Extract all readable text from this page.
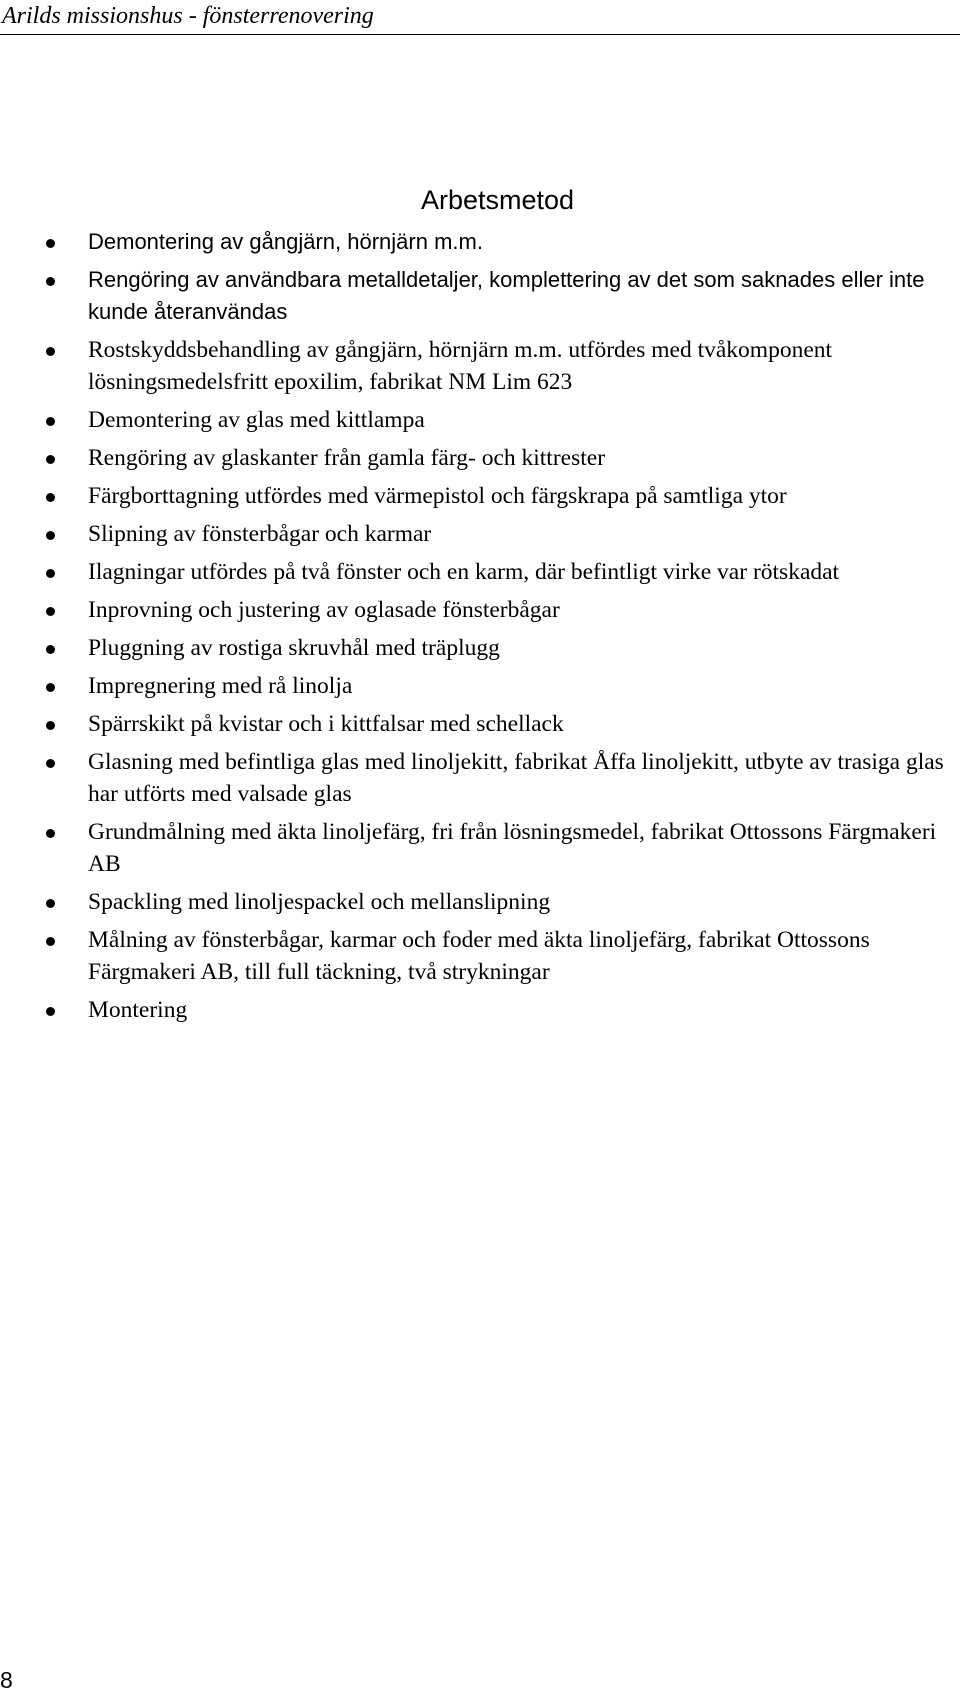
Arilds missionshus - fönsterrenovering
Arbetsmetod
Demontering av gångjärn, hörnjärn m.m.
Rengöring av användbara metalldetaljer, komplettering av det som saknades eller inte kunde återanvändas
Rostskyddsbehandling av gångjärn, hörnjärn m.m. utfördes med tvåkomponent lösningsmedelsfritt epoxilim, fabrikat NM Lim 623
Demontering av glas med kittlampa
Rengöring av glaskanter från gamla färg- och kittrester
Färgborttagning utfördes med värmepistol och färgskrapa på samtliga ytor
Slipning av fönsterbågar och karmar
Ilagningar utfördes på två fönster och en karm, där befintligt virke var rötskadat
Inprovning och justering av oglasade fönsterbågar
Pluggning av rostiga skruvhål med träplugg
Impregnering med rå linolja
Spärrskikt på kvistar och i kittfalsar med schellack
Glasning med befintliga glas med linoljekitt, fabrikat Åffa linoljekitt, utbyte av trasiga glas har utförts med valsade glas
Grundmålning med äkta linoljefärg, fri från lösningsmedel, fabrikat Ottossons Färgmakeri AB
Spackling med linoljespackel och mellanslipning
Målning av fönsterbågar, karmar och foder med äkta linoljefärg, fabrikat Ottossons Färgmakeri AB, till full täckning, två strykningar
Montering
8
